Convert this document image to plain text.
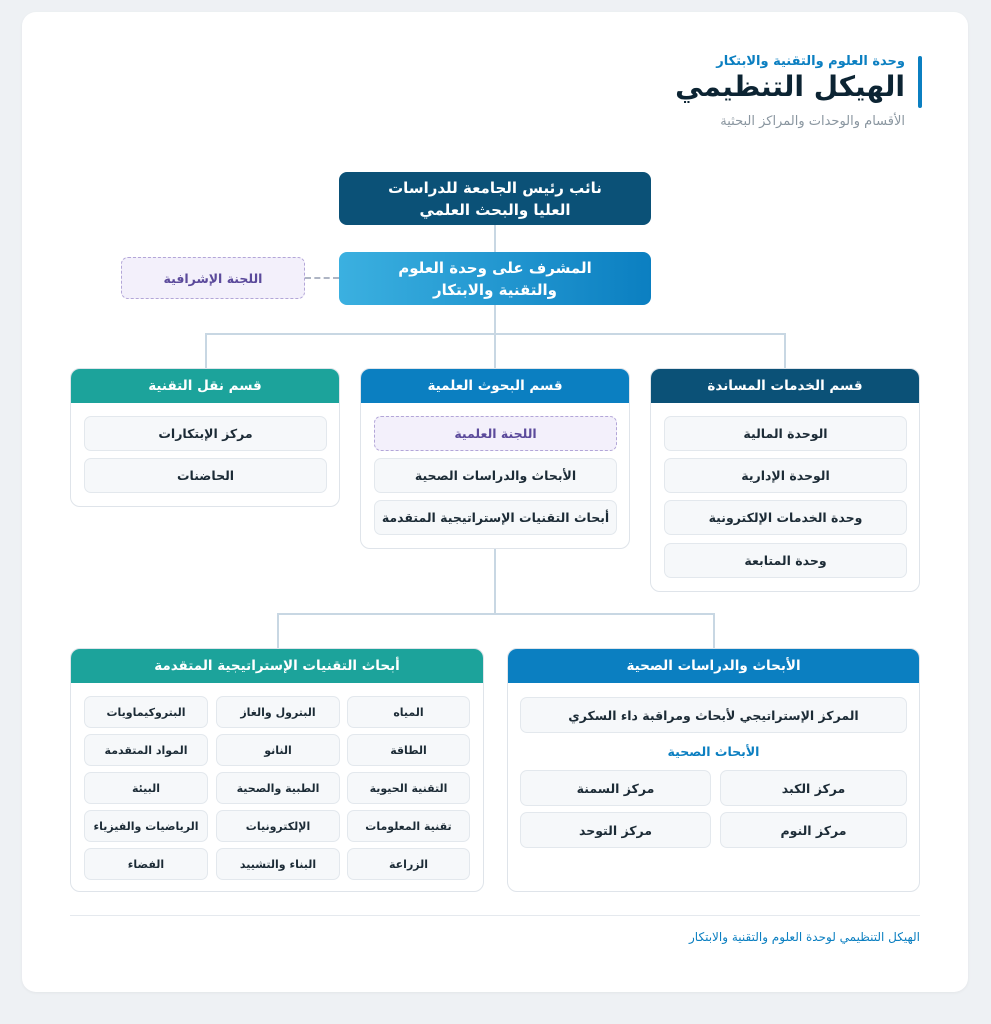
وحدة العلوم والتقنية والابتكار
الهيكل التنظيمي
الأقسام والوحدات والمراكز البحثية
نائب رئيس الجامعة للدراسات العليا والبحث العلمي
المشرف على وحدة العلوم والتقنية والابتكار
اللجنة الإشرافية
قسم الخدمات المساندة
الوحدة المالية
الوحدة الإدارية
وحدة الخدمات الإلكترونية
وحدة المتابعة
قسم البحوث العلمية
اللجنة العلمية
الأبحاث والدراسات الصحية
أبحاث التقنيات الإستراتيجية المتقدمة
قسم نقل التقنية
مركز الإبتكارات
الحاضنات
الأبحاث والدراسات الصحية
المركز الإستراتيجي لأبحاث ومراقبة داء السكري
الأبحاث الصحية
مركز الكبد
مركز السمنة
مركز النوم
مركز التوحد
أبحاث التقنيات الإستراتيجية المتقدمة
المياه
البترول والغاز
البتروكيماويات
الطاقة
النانو
المواد المتقدمة
التقنية الحيوية
الطبية والصحية
البيئة
تقنية المعلومات
الإلكترونيات
الرياضيات والفيزياء
الزراعة
البناء والتشييد
الفضاء
الهيكل التنظيمي لوحدة العلوم والتقنية والابتكار
